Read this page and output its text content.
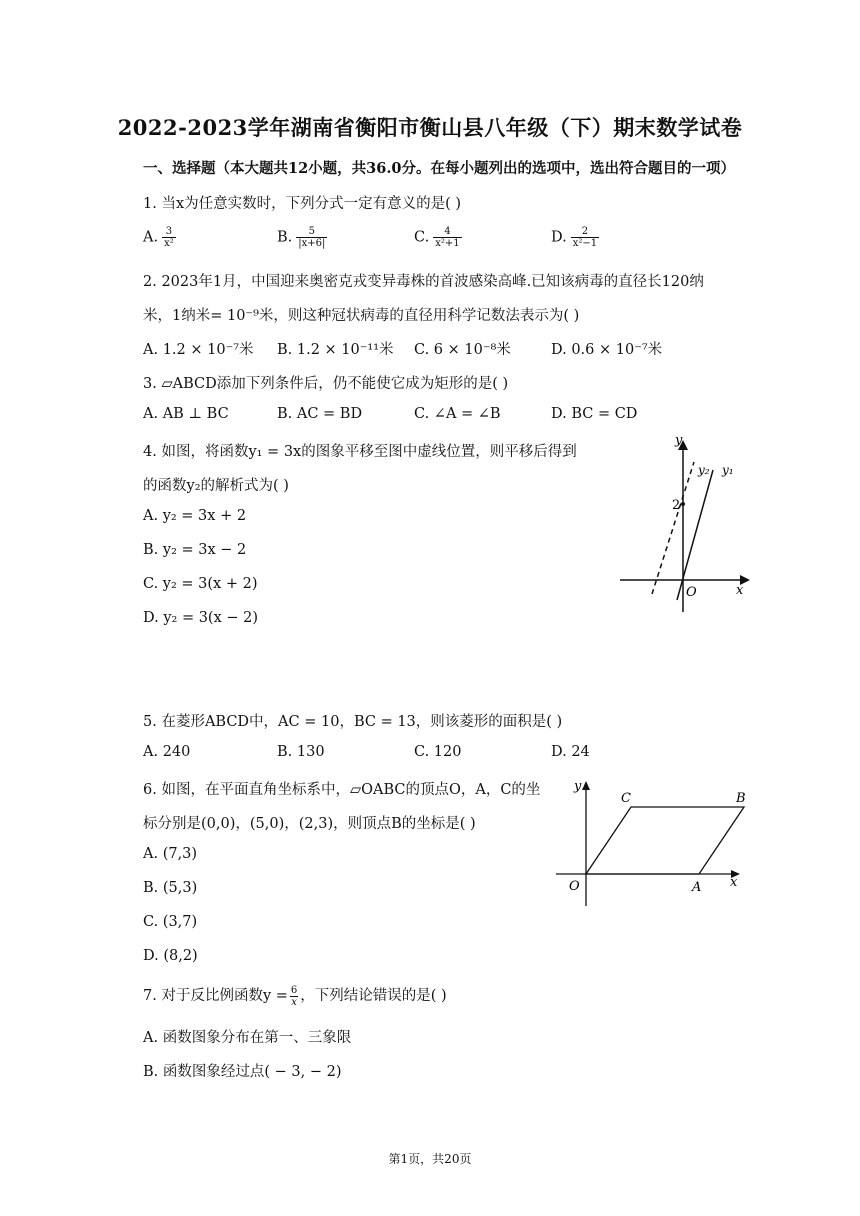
2022-2023学年湖南省衡阳市衡山县八年级（下）期末数学试卷
一、选择题（本大题共12小题，共36.0分。在每小题列出的选项中，选出符合题目的一项）
1. 当x为任意实数时，下列分式一定有意义的是( )
A. $\frac{3}{\text{x²}}$	B. $\frac{5}{|x+6|}$	C. $\frac{4}{\text{x²+1}}$	D. $\frac{2}{\text{x²−1}}$
2. 2023年1月，中国迎来奥密克戎变异毒株的首波感染高峰.已知该病毒的直径长120纳
米，1纳米= 10⁻⁹米，则这种冠状病毒的直径用科学记数法表示为( )
A. 1.2 × 10⁻⁷米 B. 1.2 × 10⁻¹¹米 C. 6 × 10⁻⁸米	D. 0.6 × 10⁻⁷米
3. ▱ABCD添加下列条件后，仍不能使它成为矩形的是( )
A. AB ⊥ BC	B. AC = BD	C. ∠A = ∠B	D. BC = CD
4. 如图，将函数y₁ = 3x的图象平移至图中虚线位置，则平移后得到
的函数y₂的解析式为( )
A. y₂ = 3x + 2
B. y₂ = 3x − 2
C. y₂ = 3(x + 2)
D. y₂ = 3(x − 2)
y
x
O
2
y₂ y₁
5. 在菱形ABCD中，AC = 10，BC = 13，则该菱形的面积是( )
A. 240	B. 130	C. 120	D. 24
6. 如图，在平面直角坐标系中，▱OABC的顶点O，A，C的坐
标分别是(0,0)，(5,0)，(2,3)，则顶点B的坐标是( )
A. (7,3)
B. (5,3)
C. (3,7)
D. (8,2)
y
x
O	A
B
C
7. 对于反比例函数$y = \frac{6}{x}$ ，下列结论错误的是( )
A. 函数图象分布在第一、三象限
B. 函数图象经过点( − 3, − 2)
第1页，共20页
